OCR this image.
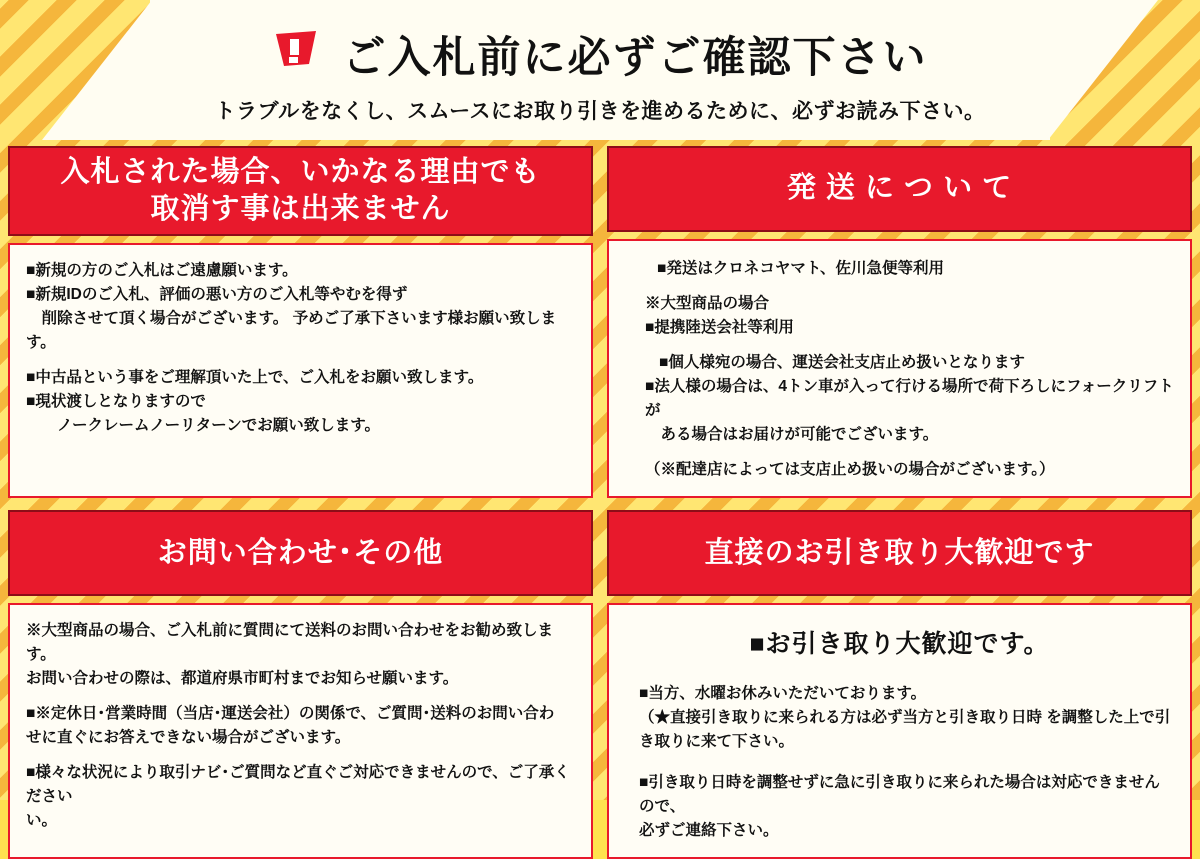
ご入札前に必ずご確認下さい
トラブルをなくし、スムースにお取り引きを進めるために、必ずお読み下さい。
入札された場合、いかなる理由でも
取消す事は出来ません
■新規の方のご入札はご遠慮願います。
■新規IDのご入札、評価の悪い方のご入札等やむを得ず
　削除させて頂く場合がございます。 予めご了承下さいます様お願い致します。
■中古品という事をご理解頂いた上で、ご入札をお願い致します。
■現状渡しとなりますので
　　ノークレームノーリターンでお願い致します。
発 送 に つ い て
■発送はクロネコヤマト、佐川急便等利用
※大型商品の場合
■提携陸送会社等利用
■個人様宛の場合、運送会社支店止め扱いとなります
■法人様の場合は、4トン車が入って行ける場所で荷下ろしにフォークリフトが
　ある場合はお届けが可能でございます。
（※配達店によっては支店止め扱いの場合がございます。）
お問い合わせ･その他
※大型商品の場合、ご入札前に質問にて送料のお問い合わせをお勧め致します。
お問い合わせの際は、都道府県市町村までお知らせ願います。
■※定休日･営業時間（当店･運送会社）の関係で、ご質問･送料のお問い合わ
せに直ぐにお答えできない場合がございます。
■様々な状況により取引ナビ･ご質問など直ぐご対応できませんので、ご了承ください
い。
直接のお引き取り大歓迎です
■お引き取り大歓迎です。
■当方、水曜お休みいただいております。
（★直接引き取りに来られる方は必ず当方と引き取り日時 を調整した上で引
き取りに来て下さい。
■引き取り日時を調整せずに急に引き取りに来られた場合は対応できませんので、
必ずご連絡下さい。
